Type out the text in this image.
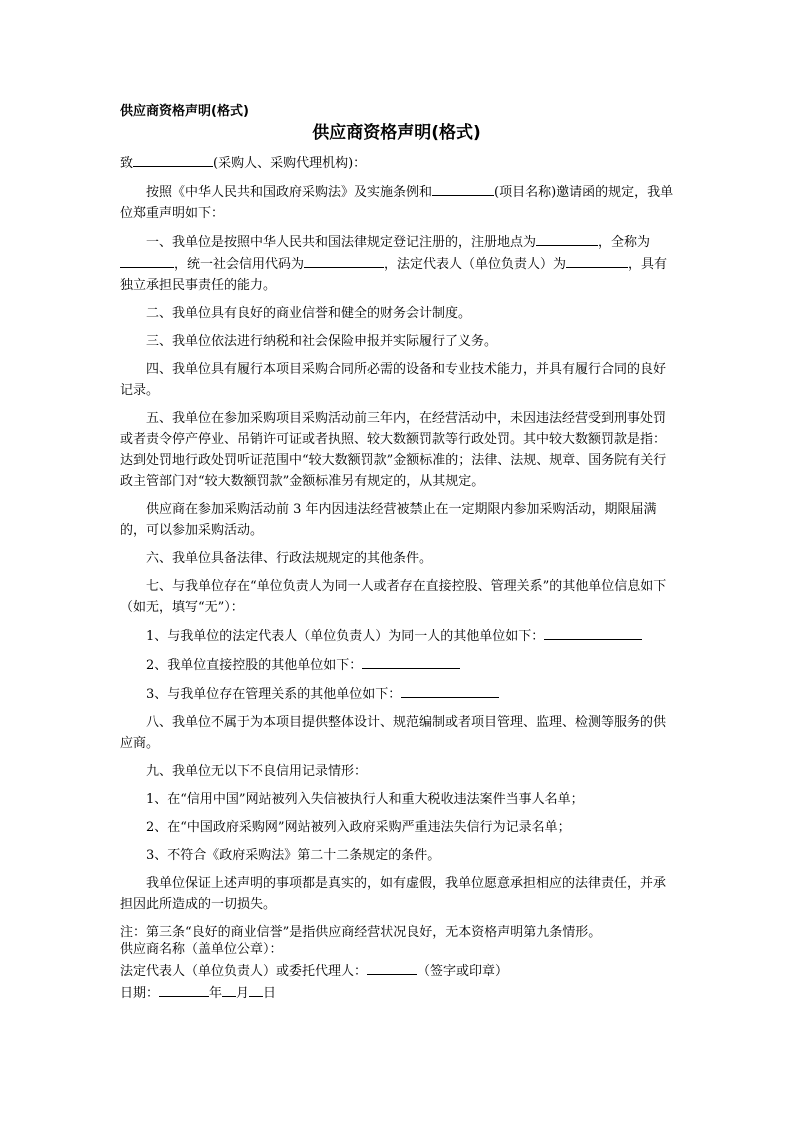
供应商资格声明(格式)
供应商资格声明(格式)

致	(采购人、采购代理机构)：

按照《中华人民共和国政府采购法》及实施条例和	(项目名称)邀请函的规定，我单位郑重声明如下：

一、我单位是按照中华人民共和国法律规定登记注册的，注册地点为	，全称为，统一社会信用代码为	，法定代表人（单位负责人）为	，具有独立承担民事责任的能力。

二、我单位具有良好的商业信誉和健全的财务会计制度。

三、我单位依法进行纳税和社会保险申报并实际履行了义务。

四、我单位具有履行本项目采购合同所必需的设备和专业技术能力，并具有履行合同的良好记录。

五、我单位在参加采购项目采购活动前三年内，在经营活动中，未因违法经营受到刑事处罚或者责令停产停业、吊销许可证或者执照、较大数额罚款等行政处罚。其中较大数额罚款是指：达到处罚地行政处罚听证范围中“较大数额罚款”金额标准的；法律、法规、规章、国务院有关行政主管部门对“较大数额罚款”金额标准另有规定的，从其规定。

供应商在参加采购活动前 3 年内因违法经营被禁止在一定期限内参加采购活动，期限届满的，可以参加采购活动。

六、我单位具备法律、行政法规规定的其他条件。

七、与我单位存在“单位负责人为同一人或者存在直接控股、管理关系”的其他单位信息如下（如无，填写“无”）：

1、与我单位的法定代表人（单位负责人）为同一人的其他单位如下：

2、我单位直接控股的其他单位如下：

3、与我单位存在管理关系的其他单位如下：

八、我单位不属于为本项目提供整体设计、规范编制或者项目管理、监理、检测等服务的供应商。

九、我单位无以下不良信用记录情形：

1、在“信用中国”网站被列入失信被执行人和重大税收违法案件当事人名单；

2、在“中国政府采购网”网站被列入政府采购严重违法失信行为记录名单；

3、不符合《政府采购法》第二十二条规定的条件。

我单位保证上述声明的事项都是真实的，如有虚假，我单位愿意承担相应的法律责任，并承担因此所造成的一切损失。

注：第三条“良好的商业信誉”是指供应商经营状况良好，无本资格声明第九条情形。

供应商名称（盖单位公章）：

法定代表人（单位负责人）或委托代理人：	（签字或印章）

日期：	年 月 日
